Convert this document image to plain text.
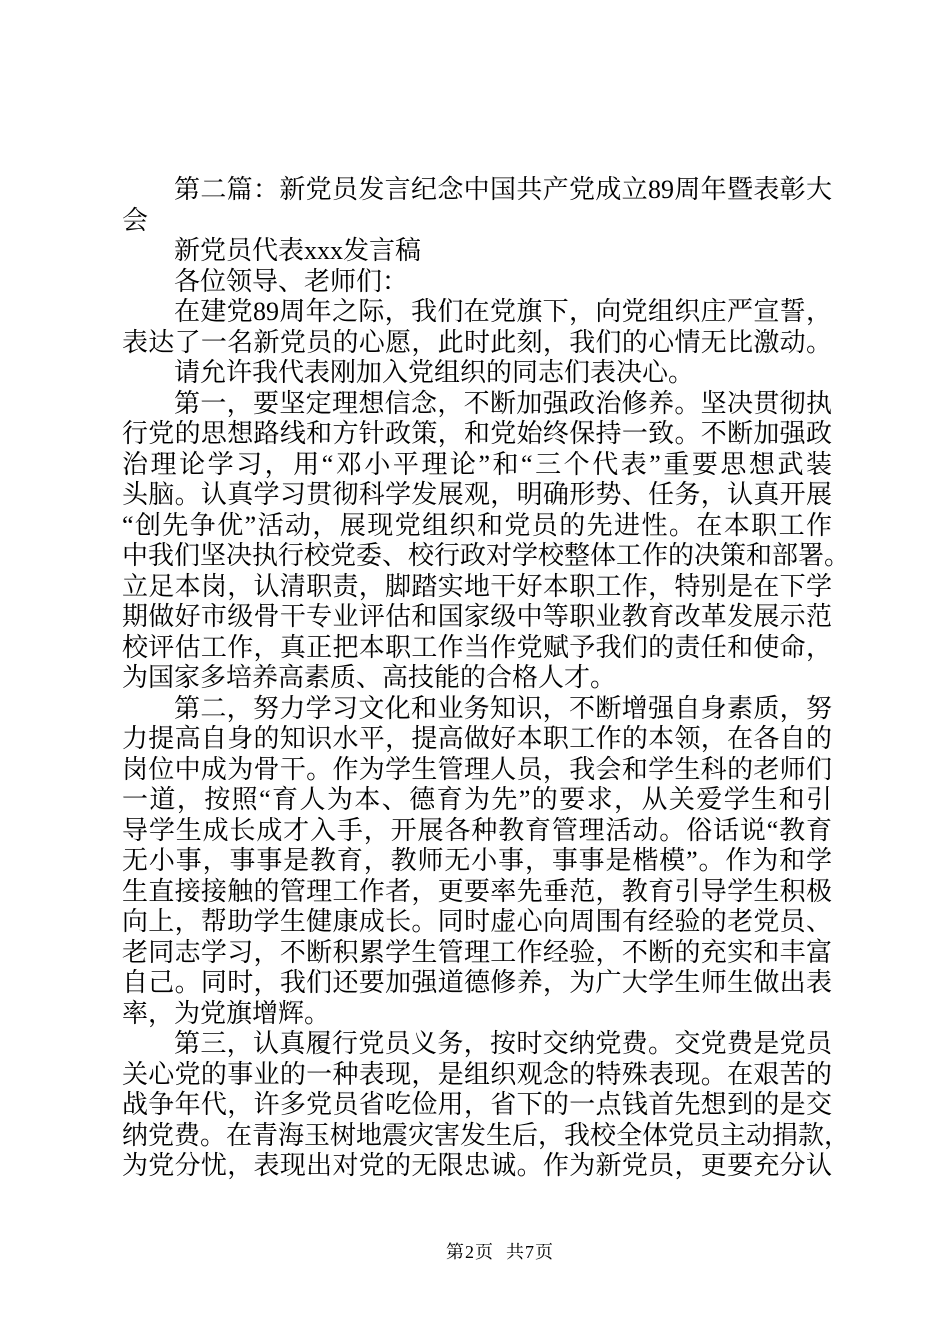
第二篇：新党员发言纪念中国共产党成立89周年暨表彰大
会
新党员代表xxx发言稿
各位领导、老师们：
在建党89周年之际，我们在党旗下，向党组织庄严宣誓，
表达了一名新党员的心愿，此时此刻，我们的心情无比激动。
请允许我代表刚加入党组织的同志们表决心。
第一，要坚定理想信念，不断加强政治修养。坚决贯彻执
行党的思想路线和方针政策，和党始终保持一致。不断加强政
治理论学习，用“邓小平理论”和“三个代表”重要思想武装
头脑。认真学习贯彻科学发展观，明确形势、任务，认真开展
“创先争优”活动，展现党组织和党员的先进性。在本职工作
中我们坚决执行校党委、校行政对学校整体工作的决策和部署。
立足本岗，认清职责，脚踏实地干好本职工作，特别是在下学
期做好市级骨干专业评估和国家级中等职业教育改革发展示范
校评估工作，真正把本职工作当作党赋予我们的责任和使命，
为国家多培养高素质、高技能的合格人才。
第二，努力学习文化和业务知识，不断增强自身素质，努
力提高自身的知识水平，提高做好本职工作的本领，在各自的
岗位中成为骨干。作为学生管理人员，我会和学生科的老师们
一道，按照“育人为本、德育为先”的要求，从关爱学生和引
导学生成长成才入手，开展各种教育管理活动。俗话说“教育
无小事，事事是教育，教师无小事，事事是楷模”。作为和学
生直接接触的管理工作者，更要率先垂范，教育引导学生积极
向上，帮助学生健康成长。同时虚心向周围有经验的老党员、
老同志学习，不断积累学生管理工作经验，不断的充实和丰富
自己。同时，我们还要加强道德修养，为广大学生师生做出表
率，为党旗增辉。
第三，认真履行党员义务，按时交纳党费。交党费是党员
关心党的事业的一种表现，是组织观念的特殊表现。在艰苦的
战争年代，许多党员省吃俭用，省下的一点钱首先想到的是交
纳党费。在青海玉树地震灾害发生后，我校全体党员主动捐款，
为党分忧，表现出对党的无限忠诚。作为新党员，更要充分认
第2页 共7页
